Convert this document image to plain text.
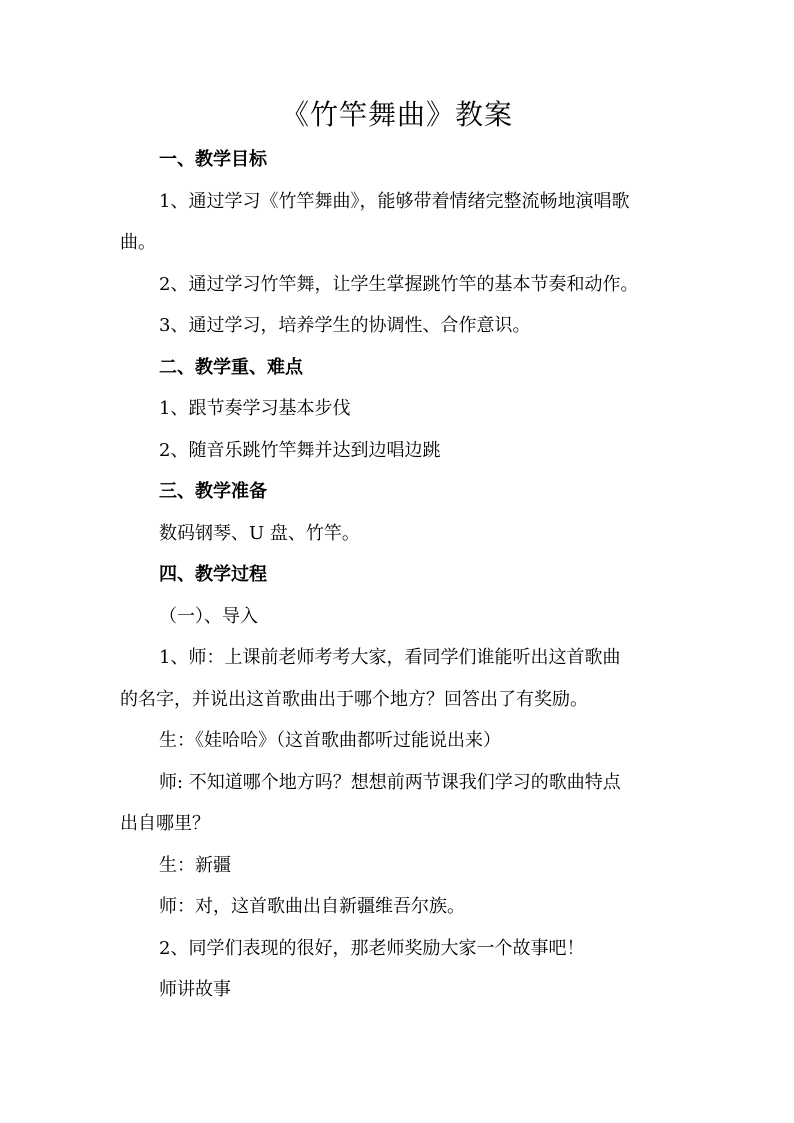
《竹竿舞曲》教案
一、教学目标
1、通过学习《竹竿舞曲》，能够带着情绪完整流畅地演唱歌
曲。
2、通过学习竹竿舞，让学生掌握跳竹竿的基本节奏和动作。
3、通过学习，培养学生的协调性、合作意识。
二、教学重、难点
1、跟节奏学习基本步伐
2、随音乐跳竹竿舞并达到边唱边跳
三、教学准备
数码钢琴、U 盘、竹竿。
四、教学过程
（一）、导入
1、师：上课前老师考考大家，看同学们谁能听出这首歌曲
的名字，并说出这首歌曲出于哪个地方？回答出了有奖励。
生：《娃哈哈》（这首歌曲都听过能说出来）
师: 不知道哪个地方吗？想想前两节课我们学习的歌曲特点
出自哪里？
生：新疆
师：对，这首歌曲出自新疆维吾尔族。
2、同学们表现的很好，那老师奖励大家一个故事吧！
师讲故事
